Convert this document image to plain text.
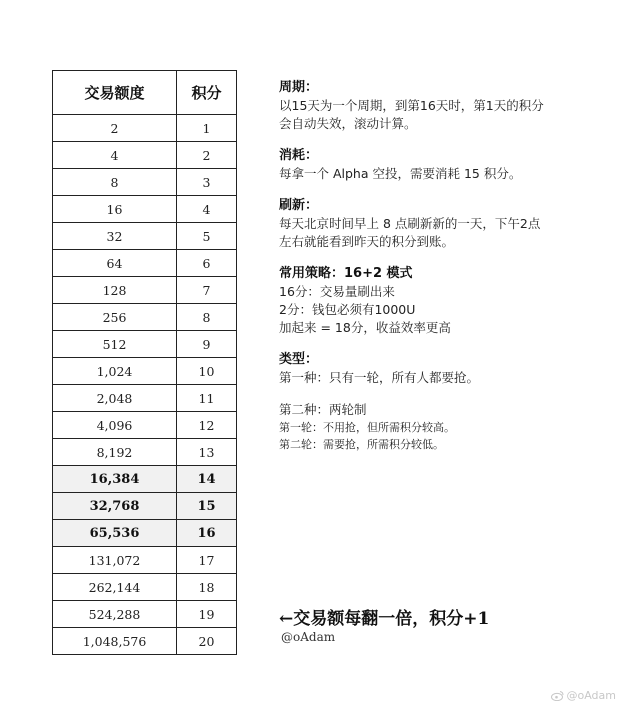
交易额度	积分
2	1
4	2
8	3
16	4
32	5
64	6
128	7
256	8
512	9
1,024	10
2,048	11
4,096	12
8,192	13
16,384	14
32,768	15
65,536	16
131,072	17
262,144	18
524,288	19
1,048,576	20
周期：
以15天为一个周期，到第16天时，第1天的积分
会自动失效，滚动计算。
消耗：
每拿一个 Alpha 空投，需要消耗 15 积分。
刷新：
每天北京时间早上 8 点刷新新的一天，下午2点
左右就能看到昨天的积分到账。
常用策略：16+2 模式
16分：交易量刷出来
2分：钱包必须有1000U
加起来 = 18分，收益效率更高
类型：
第一种：只有一轮，所有人都要抢。
第二种：两轮制
第一轮：不用抢，但所需积分较高。
第二轮：需要抢，所需积分较低。
←交易额每翻一倍，积分+1
@oAdam
@oAdam
